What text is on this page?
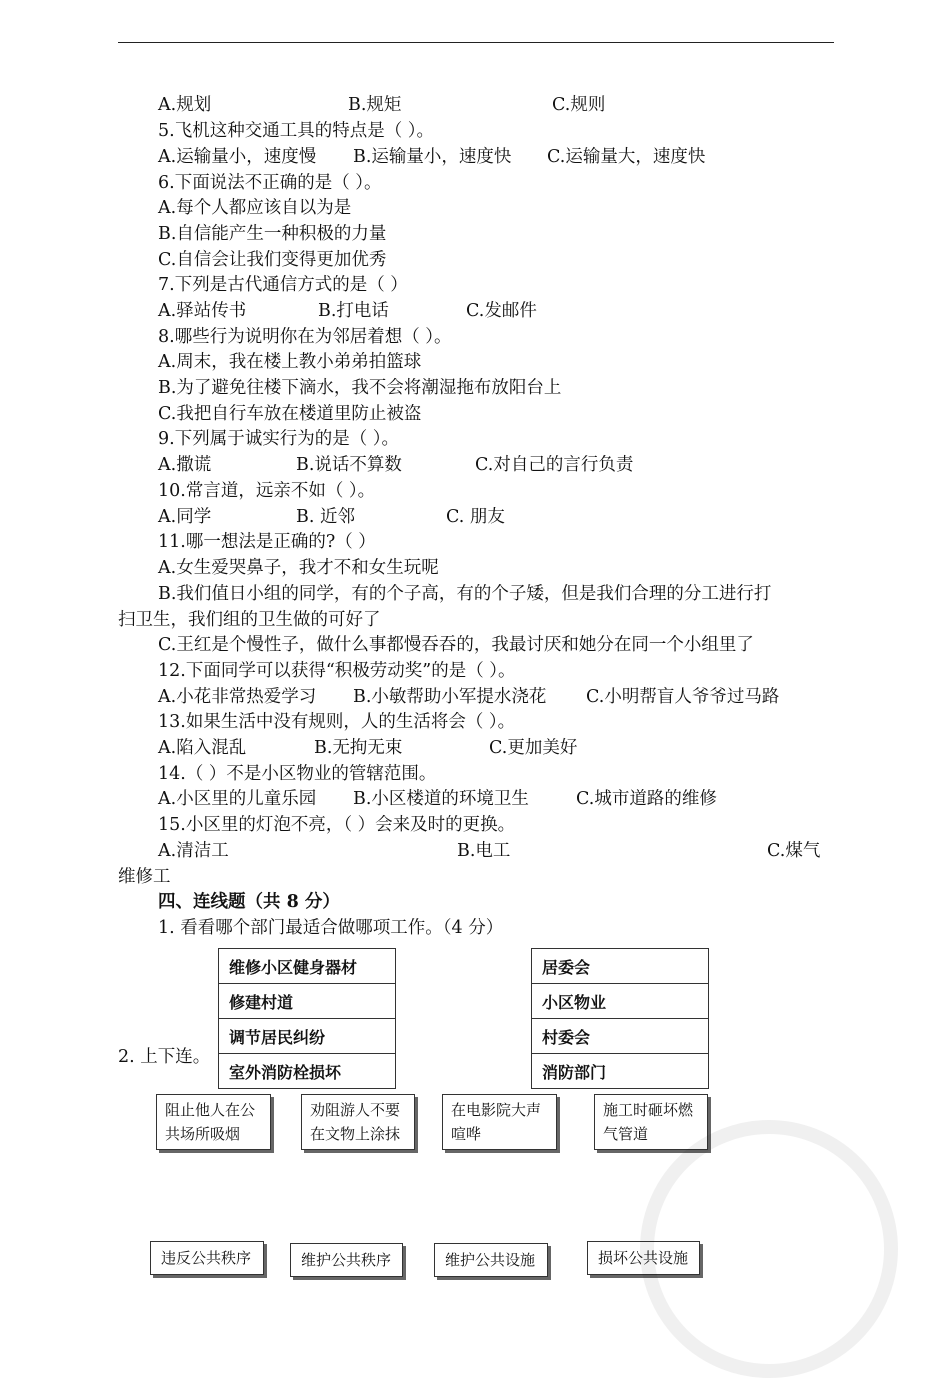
A.规划	B.规矩	C.规则
5.飞机这种交通工具的特点是（ ）。
A.运输量小，速度慢 B.运输量小，速度快 C.运输量大，速度快
6.下面说法不正确的是（ ）。
A.每个人都应该自以为是
B.自信能产生一种积极的力量
C.自信会让我们变得更加优秀
7.下列是古代通信方式的是（ ）
A.驿站传书	B.打电话	C.发邮件
8.哪些行为说明你在为邻居着想（ ）。
A.周末，我在楼上教小弟弟拍篮球
B.为了避免往楼下滴水，我不会将潮湿拖布放阳台上
C.我把自行车放在楼道里防止被盗
9.下列属于诚实行为的是（ ）。
A.撒谎	B.说话不算数	C.对自己的言行负责
10.常言道，远亲不如（ ）。
A.同学	B. 近邻	C. 朋友
11.哪一想法是正确的?（ ）
A.女生爱哭鼻子，我才不和女生玩呢
B.我们值日小组的同学，有的个子高，有的个子矮，但是我们合理的分工进行打
扫卫生，我们组的卫生做的可好了
C.王红是个慢性子，做什么事都慢吞吞的，我最讨厌和她分在同一个小组里了
12.下面同学可以获得“积极劳动奖”的是（ ）。
A.小花非常热爱学习 B.小敏帮助小军提水浇花 C.小明帮盲人爷爷过马路
13.如果生活中没有规则，人的生活将会（ ）。
A.陷入混乱	B.无拘无束	C.更加美好
14.（ ）不是小区物业的管辖范围。
A.小区里的儿童乐园 B.小区楼道的环境卫生	C.城市道路的维修
15.小区里的灯泡不亮，（ ）会来及时的更换。
A.清洁工	B.电工	C.煤气
维修工
四、连线题（共 8 分）
1. 看看哪个部门最适合做哪项工作。（4 分）
2. 上下连。
维修小区健身器材
修建村道
调节居民纠纷
室外消防栓损坏
居委会
小区物业
村委会
消防部门
阻止他人在公
共场所吸烟
劝阻游人不要
在文物上涂抹
在电影院大声
喧哗
施工时砸坏燃
气管道
违反公共秩序	维护公共秩序	维护公共设施	损坏公共设施
